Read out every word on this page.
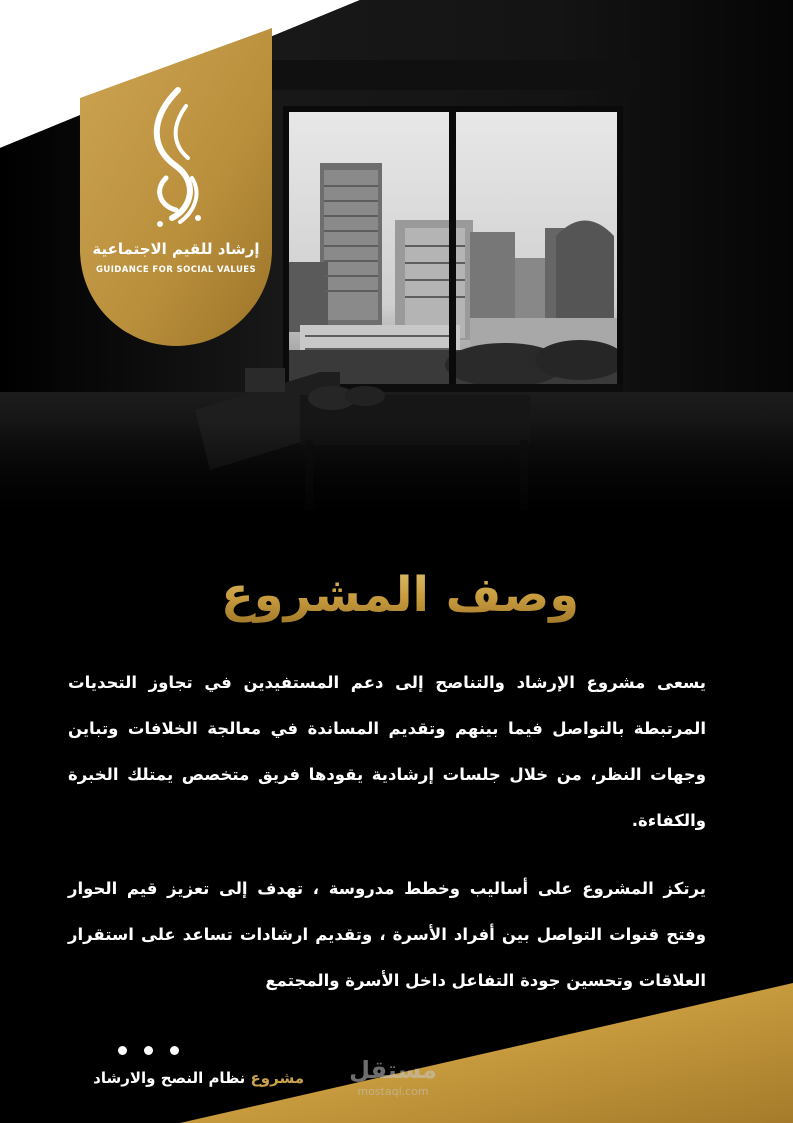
إرشاد للقيم الاجتماعية

GUIDANCE FOR SOCIAL VALUES

وصف المشروع

يسعى مشروع الإرشاد والتناصح إلى دعم المستفيدين في تجاوز التحديات المرتبطة بالتواصل فيما بينهم وتقديم المساندة في معالجة الخلافات وتباين وجهات النظر، من خلال جلسات إرشادية يقودها فريق متخصص يمتلك الخبرة والكفاءة.

يرتكز المشروع على أساليب وخطط مدروسة ، تهدف إلى تعزيز قيم الحوار وفتح قنوات التواصل بين أفراد الأسرة ، وتقديم ارشادات تساعد على استقرار العلاقات وتحسين جودة التفاعل داخل الأسرة والمجتمع

مشروع نظام النصح والارشاد	مستقل

mostaql.com
